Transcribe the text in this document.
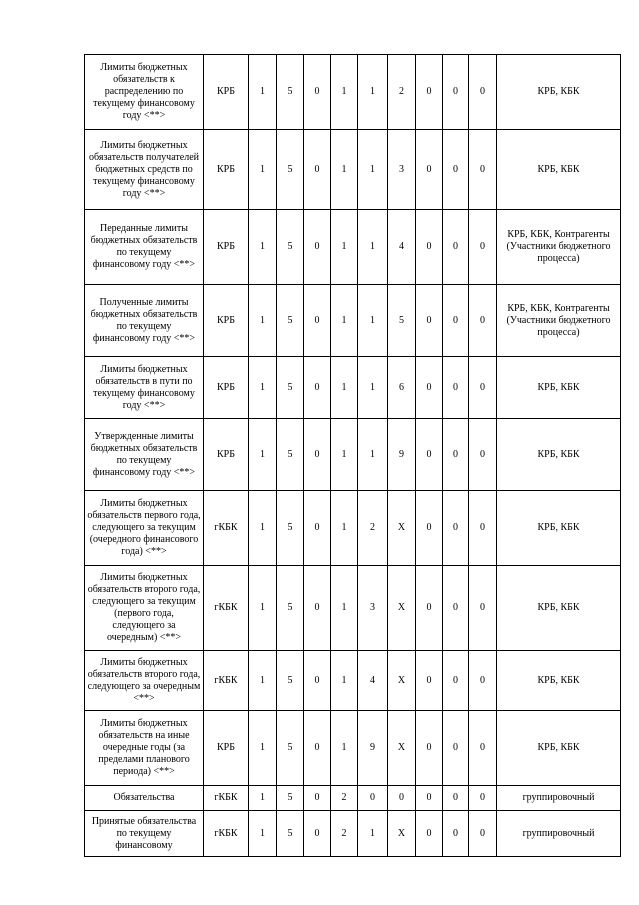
Лимиты бюджетных обязательств к распределению по текущему финансовому году <**>	КРБ	1	5	0	1	1	2	0	0	0	КРБ, КБК
Лимиты бюджетных обязательств получателей бюджетных средств по текущему финансовому году <**>	КРБ	1	5	0	1	1	3	0	0	0	КРБ, КБК
Переданные лимиты бюджетных обязательств по текущему финансовому году <**>	КРБ	1	5	0	1	1	4	0	0	0	КРБ, КБК, Контрагенты (Участники бюджетного процесса)
Полученные лимиты бюджетных обязательств по текущему финансовому году <**>	КРБ	1	5	0	1	1	5	0	0	0	КРБ, КБК, Контрагенты (Участники бюджетного процесса)
Лимиты бюджетных обязательств в пути по текущему финансовому году <**>	КРБ	1	5	0	1	1	6	0	0	0	КРБ, КБК
Утвержденные лимиты бюджетных обязательств по текущему финансовому году <**>	КРБ	1	5	0	1	1	9	0	0	0	КРБ, КБК
Лимиты бюджетных обязательств первого года, следующего за текущим (очередного финансового года) <**>	гКБК	1	5	0	1	2	X	0	0	0	КРБ, КБК
Лимиты бюджетных обязательств второго года, следующего за текущим (первого года, следующего за очередным) <**>	гКБК	1	5	0	1	3	X	0	0	0	КРБ, КБК
Лимиты бюджетных обязательств второго года, следующего за очередным <**>	гКБК	1	5	0	1	4	X	0	0	0	КРБ, КБК
Лимиты бюджетных обязательств на иные очередные годы (за пределами планового периода) <**>	КРБ	1	5	0	1	9	X	0	0	0	КРБ, КБК
Обязательства	гКБК	1	5	0	2	0	0	0	0	0	группировочный
Принятые обязательства по текущему финансовому	гКБК	1	5	0	2	1	X	0	0	0	группировочный
